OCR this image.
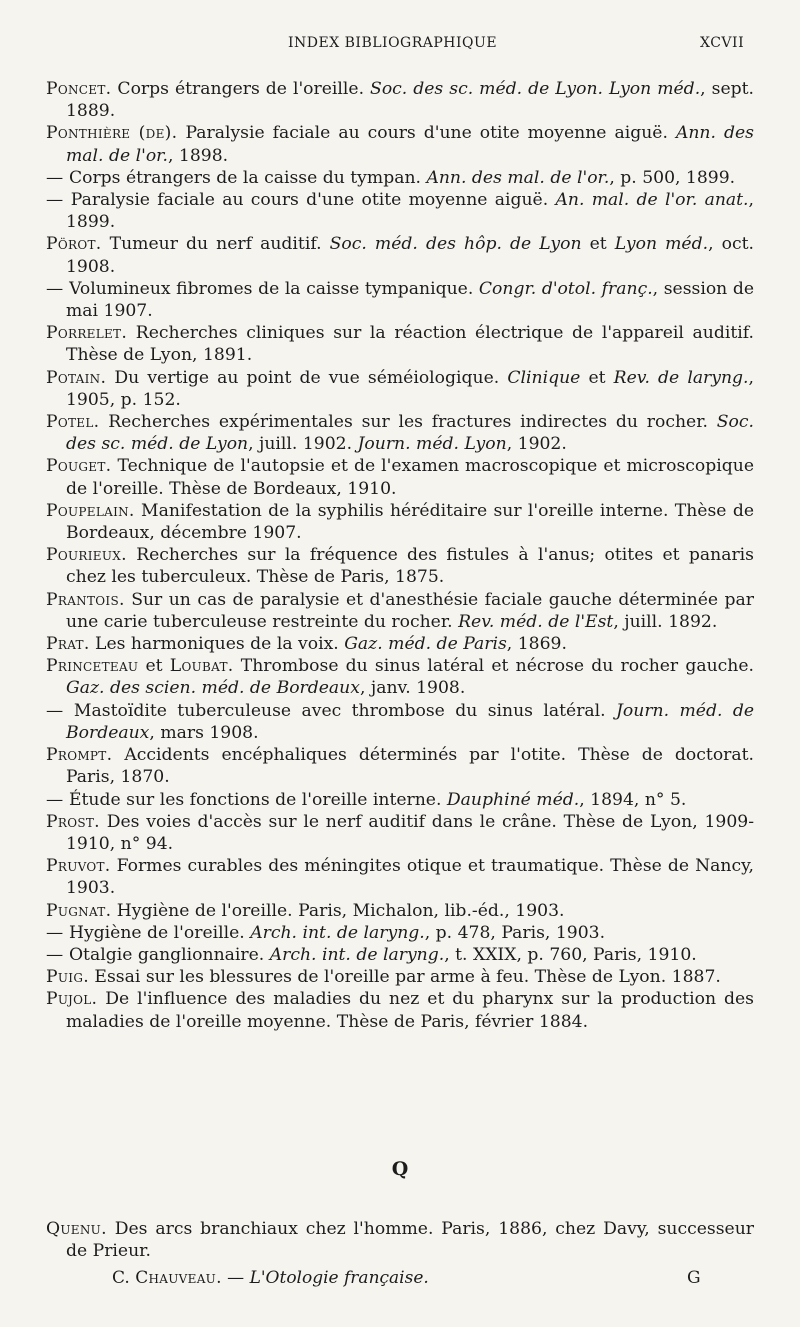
INDEX BIBLIOGRAPHIQUE	XCVII
Poncet. Corps étrangers de l'oreille. Soc. des sc. méd. de Lyon. Lyon méd., sept. 1889.
Ponthière (de). Paralysie faciale au cours d'une otite moyenne aiguë. Ann. des mal. de l'or., 1898.
— Corps étrangers de la caisse du tympan. Ann. des mal. de l'or., p. 500, 1899.
— Paralysie faciale au cours d'une otite moyenne aiguë. An. mal. de l'or. anat., 1899.
Pörot. Tumeur du nerf auditif. Soc. méd. des hôp. de Lyon et Lyon méd., oct. 1908.
— Volumineux fibromes de la caisse tympanique. Congr. d'otol. franç., session de mai 1907.
Porrelet. Recherches cliniques sur la réaction électrique de l'appareil auditif. Thèse de Lyon, 1891.
Potain. Du vertige au point de vue séméiologique. Clinique et Rev. de laryng., 1905, p. 152.
Potel. Recherches expérimentales sur les fractures indirectes du rocher. Soc. des sc. méd. de Lyon, juill. 1902. Journ. méd. Lyon, 1902.
Pouget. Technique de l'autopsie et de l'examen macroscopique et microscopique de l'oreille. Thèse de Bordeaux, 1910.
Poupelain. Manifestation de la syphilis héréditaire sur l'oreille interne. Thèse de Bordeaux, décembre 1907.
Pourieux. Recherches sur la fréquence des fistules à l'anus; otites et panaris chez les tuberculeux. Thèse de Paris, 1875.
Prantois. Sur un cas de paralysie et d'anesthésie faciale gauche déterminée par une carie tuberculeuse restreinte du rocher. Rev. méd. de l'Est, juill. 1892.
Prat. Les harmoniques de la voix. Gaz. méd. de Paris, 1869.
Princeteau et Loubat. Thrombose du sinus latéral et nécrose du rocher gauche. Gaz. des scien. méd. de Bordeaux, janv. 1908.
— Mastoïdite tuberculeuse avec thrombose du sinus latéral. Journ. méd. de Bordeaux, mars 1908.
Prompt. Accidents encéphaliques déterminés par l'otite. Thèse de doctorat. Paris, 1870.
— Étude sur les fonctions de l'oreille interne. Dauphiné méd., 1894, n° 5.
Prost. Des voies d'accès sur le nerf auditif dans le crâne. Thèse de Lyon, 1909-1910, n° 94.
Pruvot. Formes curables des méningites otique et traumatique. Thèse de Nancy, 1903.
Pugnat. Hygiène de l'oreille. Paris, Michalon, lib.-éd., 1903.
— Hygiène de l'oreille. Arch. int. de laryng., p. 478, Paris, 1903.
— Otalgie ganglionnaire. Arch. int. de laryng., t. XXIX, p. 760, Paris, 1910.
Puig. Essai sur les blessures de l'oreille par arme à feu. Thèse de Lyon. 1887.
Pujol. De l'influence des maladies du nez et du pharynx sur la production des maladies de l'oreille moyenne. Thèse de Paris, février 1884.
Q
Quenu. Des arcs branchiaux chez l'homme. Paris, 1886, chez Davy, successeur de Prieur.
C. Chauveau. — L'Otologie française.	G
